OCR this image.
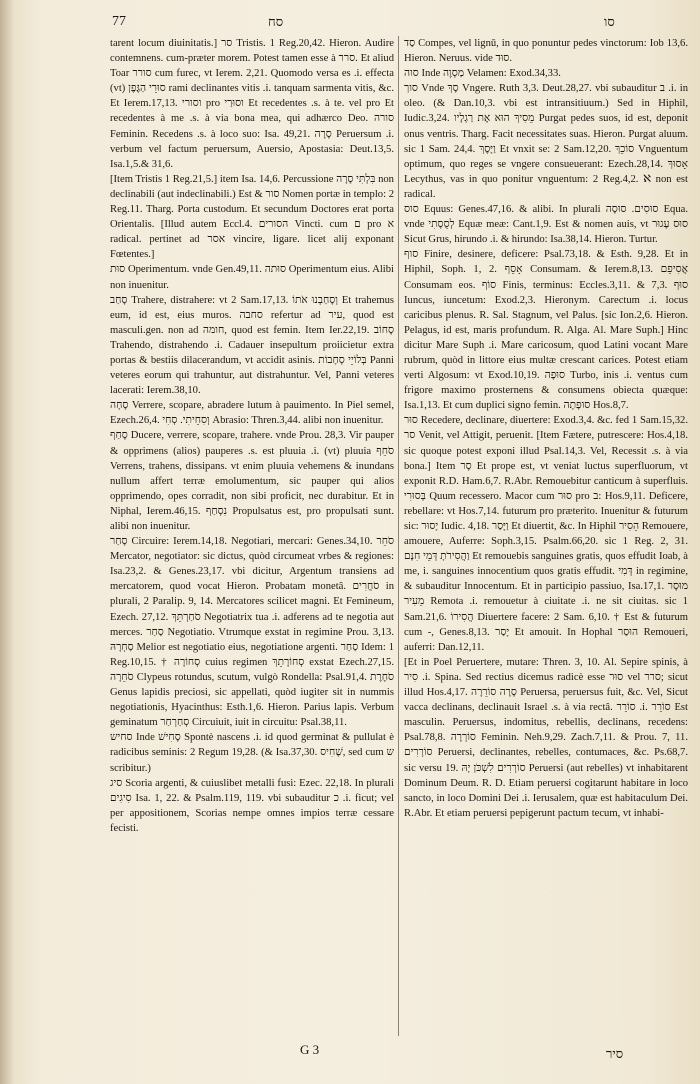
77	סח	סו

tarent locum diuinitatis.] סר Tristis. 1 Reg.20,42. Hieron. Audire contemnens. cum-præter morem. Potest tamen esse à סרר. Et aliud Toar סורר cum furec, vt Ierem. 2,21. Quomodo versa es .i. effecta (vt) סוּרֵי הַגֶּפֶן rami declinantes vitis .i. tanquam sarmenta vitis, &c. Et Ierem.17,13. וסורי pro וסוּרַי Et recedentes .s. à te. vel pro Et recedentes à me .s. à via bona mea, qui adhærco Deo. סורה Feminin. Recedens .s. à loco suo: Isa. 49,21. סָרָה Peruersum .i. verbum vel factum peruersum, Auersio, Apostasia: Deut.13,5. Isa.1,5.& 31,6.

[Item Tristis 1 Reg.21,5.] item Isa. 14,6. Percussione בִּלְתִּי סָרָה non declinabili (aut indeclinabili.) Est & סור Nomen portæ in templo: 2 Reg.11. Tharg. Porta custodum. Et secundum Doctores erat porta Orientalis. [Illud autem Eccl.4. הסורים Vincti. cum ם pro א radical. pertinet ad אסר vincire, ligare. licet alij exponant Fœtentes.]

סוּת Operimentum. vnde Gen.49,11. סוּתה Operimentum eius. Alibi non inuenitur.

סָחַב Trahere, distrahere: vt 2 Sam.17,13. וְסָחַבְנוּ אֹתוֹ Et trahemus eum, id est, eius muros. סחבה refertur ad עיר, quod est masculi.gen. non ad חומה, quod est femin. Item Ier.22,19. סָחוֹב Trahendo, distrahendo .i. Cadauer insepultum proiicietur extra portas & bestiis dilacerandum, vt accidit asinis. בְּלוֹיֵי סְחָבוֹת Panni veteres eorum qui trahuntur, aut distrahuntur. Vel, Panni veteres lacerati: Ierem.38,10.

סָחָה Verrere, scopare, abradere lutum à pauimento. In Piel semel, Ezech.26,4. וְסִחֵיתִי. סְחִי Abrasio: Thren.3,44. alibi non inuenitur.

סָחַף Ducere, verrere, scopare, trahere. vnde Prou. 28,3. Vir pauper & opprimens (alios) pauperes .s. est pluuia .i. (vt) pluuia סֹחֵף Verrens, trahens, dissipans. vt enim pluuia vehemens & inundans nullum affert terræ emolumentum, sic pauper qui alios opprimendo, opes corradit, non sibi proficit, nec durabitur. Et in Niphal, Ierem.46,15. נִסְחַף Propulsatus est, pro propulsati sunt. alibi non inuenitur.

סָחַר Circuire: Ierem.14,18. Negotiari, mercari: Genes.34,10. סֹחֵר Mercator, negotiator: sic dictus, quòd circumeat vrbes & regiones: Isa.23,2. & Genes.23,17. vbi dicitur, Argentum transiens ad mercatorem, quod vocat Hieron. Probatam monetâ. סֹחֲרִים in plurali, 2 Paralip. 9, 14. Mercatores scilicet magni. Et Femineum, Ezech. 27,12. סֹחַרְתֵּךְ Negotiatrix tua .i. adferens ad te negotia aut merces. סַחַר Negotiatio. Vtrumque exstat in regimine Prou. 3,13. סַחְרָהּ Melior est negotiatio eius, negotiatione argenti. סַחַר Idem: 1 Reg.10,15. † סְחוֹרָה cuius regimen סְחוֹרָתֵךְ exstat Ezech.27,15. סֹחֵרָה Clypeus rotundus, scutum, vulgò Rondella: Psal.91,4. סֹחֶרֶת Genus lapidis preciosi, sic appellati, quòd iugiter sit in nummis negotiationis, Hyacinthus: Esth.1,6. Hieron. Parius lapis. Verbum geminatum סְחַרְחַר Circuiuit, iuit in circuitu: Psal.38,11.

סחיש Inde סָחִישׁ Spontè nascens .i. id quod germinat & pullulat è radicibus seminis: 2 Regum 19,28. (& Isa.37,30. שָׁחִיס, sed cum ש scribitur.)

סיג Scoria argenti, & cuiuslibet metalli fusi: Ezec. 22,18. In plurali סִיגִים Isa. 1, 22. & Psalm.119, 119. vbi subauditur כ .i. ficut; vel per appositionem, Scorias nempe omnes impios terræ cessare fecisti.

סַד Compes, vel lignū, in quo ponuntur pedes vinctorum: Iob 13,6. Hieron. Neruus. vide סוּד.

סוה Inde מַסְוֶה Velamen: Exod.34,33.

סוך Vnde סָךְ Vngere. Ruth 3,3. Deut.28,27. vbi subauditur ב .i. in oleo. (& Dan.10,3. vbi est intransitiuum.) Sed in Hiphil, Iudic.3,24. מֵסִיךְ הוּא אֶת רַגְלָיו Purgat pedes suos, id est, deponit onus ventris. Tharg. Facit necessitates suas. Hieron. Purgat aluum. sic 1 Sam. 24,4. וַיָּסֶךְ Et vnxit se: 2 Sam.12,20. סוֹכֵךְ Vnguentum optimum, quo reges se vngere consueuerant: Ezech.28,14. אָסוּךְ Lecythus, vas in quo ponitur vnguentum: 2 Reg.4,2. ℵ non est radical.

סוס Equus: Genes.47,16. & alibi. In plurali סוּסִים. סוּסָה Equa. vnde לְסֻסָתִי Equæ meæ: Cant.1,9. Est & nomen auis, vt סוּס עָגוּר Sicut Grus, hirundo .i. & hirundo: Isa.38,14. Hieron. Turtur.

סוף Finire, desinere, deficere: Psal.73,18. & Esth. 9,28. Et in Hiphil, Soph. 1, 2. אָסֵף Consumam. & Ierem.8,13. אֲסִיפֵם Consumam eos. סוֹף Finis, terminus: Eccles.3,11. & 7,3. סוּף Iuncus, iuncetum: Exod.2,3. Hieronym. Carectum .i. locus caricibus plenus. R. Sal. Stagnum, vel Palus. [sic Ion.2,6. Hieron. Pelagus, id est, maris profundum. R. Alga. Al. Mare Suph.] Hinc dicitur Mare Suph .i. Mare caricosum, quod Latini vocant Mare rubrum, quòd in littore eius multæ crescant carices. Potest etiam verti Algosum: vt Exod.10,19. סוּפָה Turbo, inis .i. ventus cum frigore maximo prosternens & consumens obiecta quæque: Isa.1,13. Et cum duplici signo femin. סוּפָתָה Hos.8,7.

סוּר Recedere, declinare, diuertere: Exod.3,4. &c. fed 1 Sam.15,32. סר Venit, vel Attigit, peruenit. [Item Fætere, putrescere: Hos.4,18. sic quoque potest exponi illud Psal.14,3. Vel, Recessit .s. à via bona.] Item סָר Et prope est, vt veniat luctus superfluorum, vt exponit R.D. Ham.6,7. R.Abr. Remouebitur canticum à superfluis. בְּסוּרִי Quum recessero. Macor cum סוּר pro ב: Hos.9,11. Deficere, rebellare: vt Hos.7,14. futurum pro præterito. Inuenitur & futurum sic: יָסוּר Iudic. 4,18. וַיָּסַר Et diuertit, &c. In Hiphil הֵסִיר Remouere, amouere, Auferre: Soph.3,15. Psalm.66,20. sic 1 Reg. 2, 31. וַהֲסִירֹתָ דְּמֵי חִנָּם Et remouebis sanguines gratis, quos effudit Ioab, à me, i. sanguines innocentium quos gratis effudit. דְּמִי in regimine, & subauditur Innocentum. Et in participio passiuo, Isa.17,1. מוּסָר מֵעִיר Remota .i. remouetur à ciuitate .i. ne sit ciuitas. sic 1 Sam.21,6. הֲסִירוֹ Diuertere facere: 2 Sam. 6,10. † Est & futurum cum -, Genes.8,13. יָסַר Et amouit. In Hophal הוּסַר Remoueri, auferri: Dan.12,11.

[Et in Poel Peruertere, mutare: Thren. 3, 10. Al. Sepire spinis, à סִיר .i. Spina. Sed rectius dicemus radicè esse סוּר vel סרר; sicut illud Hos.4,17. סָרָה סוֹרֵרָה Peruersa, peruersus fuit, &c. Vel, Sicut vacca declinans, declinauit Israel .s. à via rectâ. סוֹרֵר .i. סוֹרֵר Est masculin. Peruersus, indomitus, rebellis, declinans, recedens: Psal.78,8. סוֹרְרָה Feminin. Neh.9,29. Zach.7,11. & Prou. 7, 11. סוֹרְרִים Peruersi, declinantes, rebelles, contumaces, &c. Ps.68,7. sic versu 19. סוֹרְרִים לִשְׁכֹּן יָהּ Peruersi (aut rebelles) vt inhabitarent Dominum Deum. R. D. Etiam peruersi cogitarunt habitare in loco sancto, in loco Domini Dei .i. Ierusalem, quæ est habitaculum Dei. R.Abr. Et etiam peruersi pepigerunt pactum tecum, vt inhabi-

G 3	סיר
